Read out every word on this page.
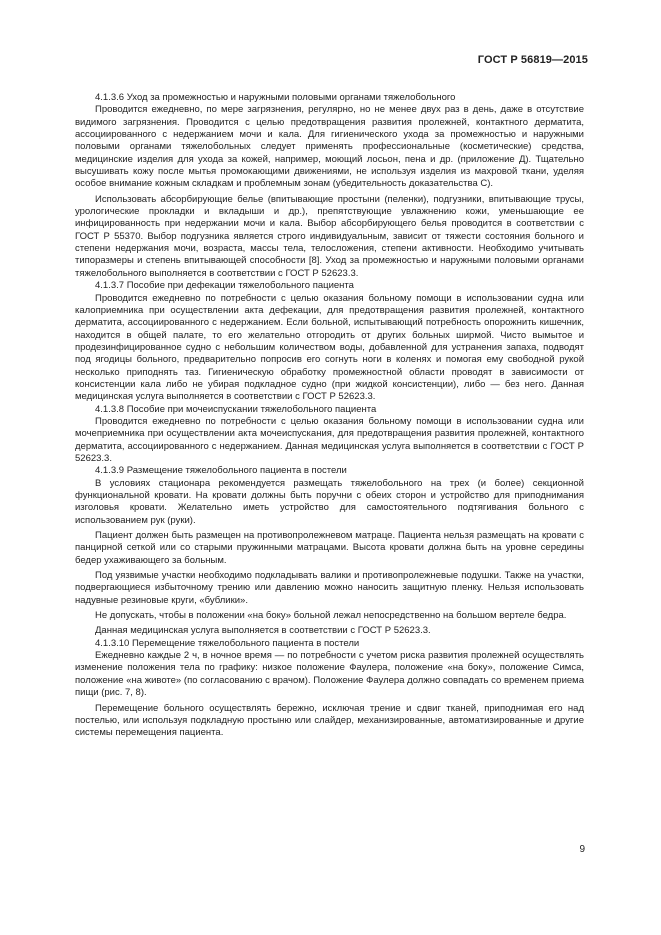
ГОСТ Р 56819—2015

4.1.3.6 Уход за промежностью и наружными половыми органами тяжелобольного

Проводится ежедневно, по мере загрязнения, регулярно, но не менее двух раз в день, даже в отсутствие видимого загрязнения. Проводится с целью предотвращения развития пролежней, контактного дерматита, ассоциированного с недержанием мочи и кала. Для гигиенического ухода за промежностью и наружными половыми органами тяжелобольных следует применять профессиональные (косметические) средства, медицинские изделия для ухода за кожей, например, моющий лосьон, пена и др. (приложение Д). Тщательно высушивать кожу после мытья промокающими движениями, не используя изделия из махровой ткани, уделяя особое внимание кожным складкам и проблемным зонам (убедительность доказательства С).

Использовать абсорбирующие белье (впитывающие простыни (пеленки), подгузники, впитывающие трусы, урологические прокладки и вкладыши и др.), препятствующие увлажнению кожи, уменьшающие ее инфицированность при недержании мочи и кала. Выбор абсорбирующего белья проводится в соответствии с ГОСТ Р 55370. Выбор подгузника является строго индивидуальным, зависит от тяжести состояния больного и степени недержания мочи, возраста, массы тела, телосложения, степени активности. Необходимо учитывать типоразмеры и степень впитывающей способности [8]. Уход за промежностью и наружными половыми органами тяжелобольного выполняется в соответствии с ГОСТ Р 52623.3.

4.1.3.7 Пособие при дефекации тяжелобольного пациента

Проводится ежедневно по потребности с целью оказания больному помощи в использовании судна или калоприемника при осуществлении акта дефекации, для предотвращения развития пролежней, контактного дерматита, ассоциированного с недержанием. Если больной, испытывающий потребность опорожнить кишечник, находится в общей палате, то его желательно отгородить от других больных ширмой. Чисто вымытое и продезинфицированное судно с небольшим количеством воды, добавленной для устранения запаха, подводят под ягодицы больного, предварительно попросив его согнуть ноги в коленях и помогая ему свободной рукой несколько приподнять таз. Гигиеническую обработку промежностной области проводят в зависимости от консистенции кала либо не убирая подкладное судно (при жидкой консистенции), либо — без него. Данная медицинская услуга выполняется в соответствии с ГОСТ Р 52623.3.

4.1.3.8 Пособие при мочеиспускании тяжелобольного пациента

Проводится ежедневно по потребности с целью оказания больному помощи в использовании судна или мочеприемника при осуществлении акта мочеиспускания, для предотвращения развития пролежней, контактного дерматита, ассоциированного с недержанием. Данная медицинская услуга выполняется в соответствии с ГОСТ Р 52623.3.

4.1.3.9 Размещение тяжелобольного пациента в постели

В условиях стационара рекомендуется размещать тяжелобольного на трех (и более) секционной функциональной кровати. На кровати должны быть поручни с обеих сторон и устройство для приподнимания изголовья кровати. Желательно иметь устройство для самостоятельного подтягивания больного с использованием рук (руки).

Пациент должен быть размещен на противопролежневом матраце. Пациента нельзя размещать на кровати с панцирной сеткой или со старыми пружинными матрацами. Высота кровати должна быть на уровне середины бедер ухаживающего за больным.

Под уязвимые участки необходимо подкладывать валики и противопролежневые подушки. Также на участки, подвергающиеся избыточному трению или давлению можно наносить защитную пленку. Нельзя использовать надувные резиновые круги, «бублики».

Не допускать, чтобы в положении «на боку» больной лежал непосредственно на большом вертеле бедра.

Данная медицинская услуга выполняется в соответствии с ГОСТ Р 52623.3.

4.1.3.10 Перемещение тяжелобольного пациента в постели

Ежедневно каждые 2 ч, в ночное время — по потребности с учетом риска развития пролежней осуществлять изменение положения тела по графику: низкое положение Фаулера, положение «на боку», положение Симса, положение «на животе» (по согласованию с врачом). Положение Фаулера должно совпадать со временем приема пищи (рис. 7, 8).

Перемещение больного осуществлять бережно, исключая трение и сдвиг тканей, приподнимая его над постелью, или используя подкладную простыню или слайдер, механизированные, автоматизированные и другие системы перемещения пациента.

9
